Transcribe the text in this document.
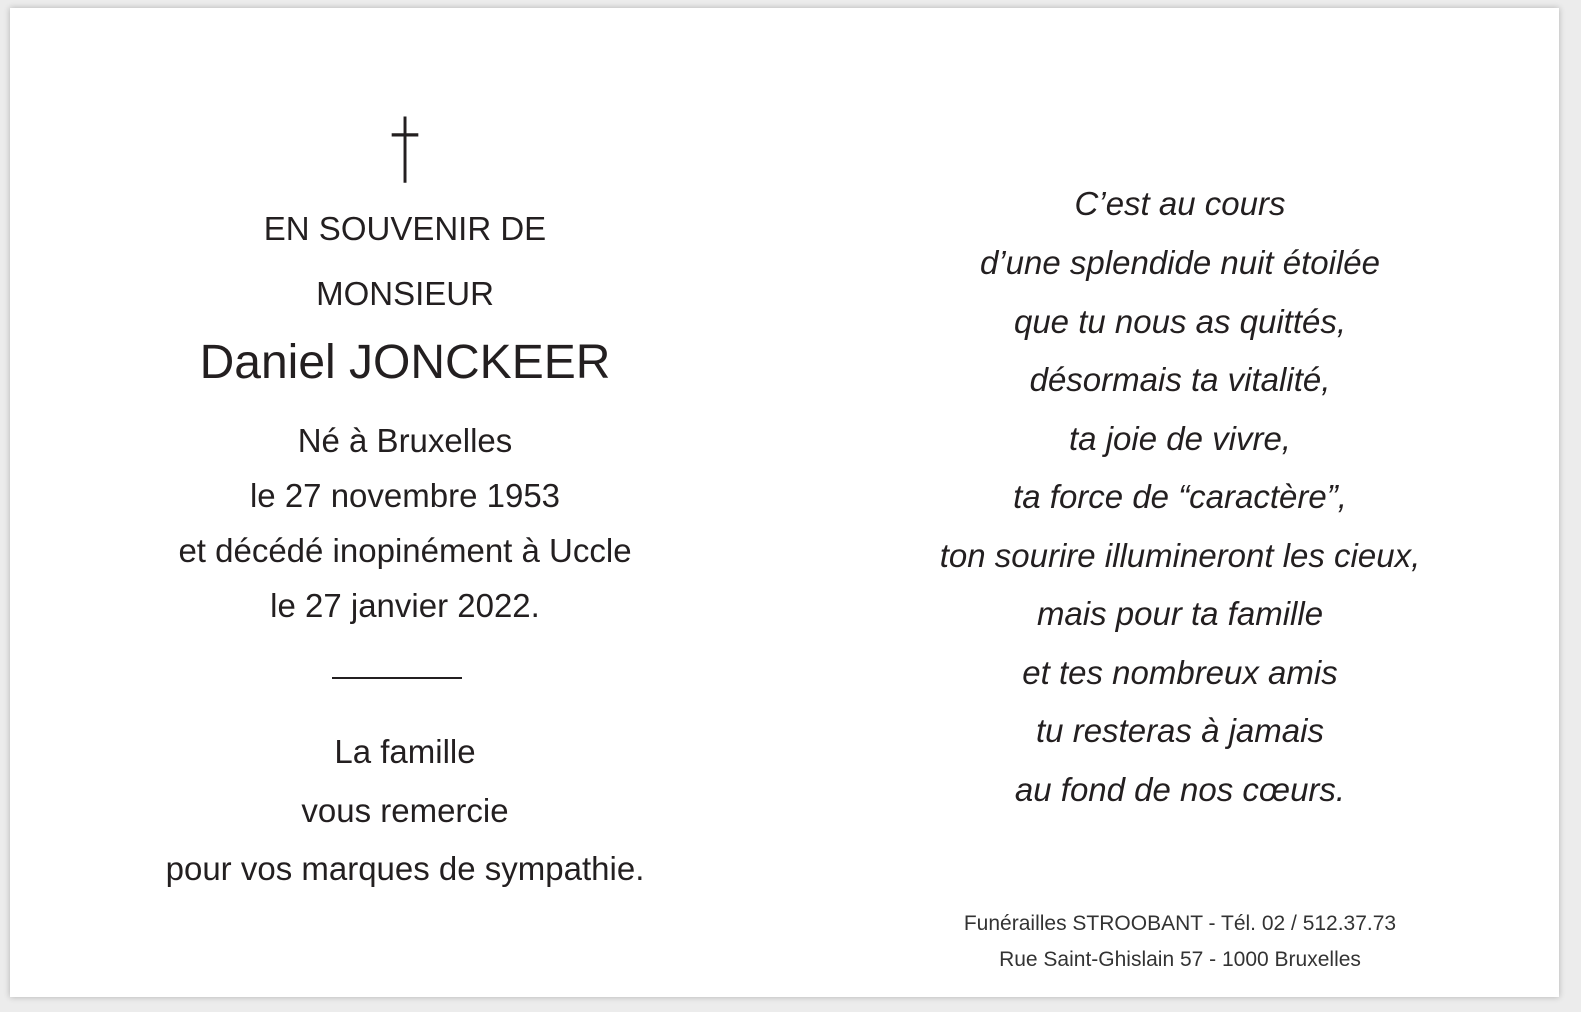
†
EN SOUVENIR DE
MONSIEUR
Daniel JONCKEER
Né à Bruxelles
le 27 novembre 1953
et décédé inopinément à Uccle
le 27 janvier 2022.
La famille
vous remercie
pour vos marques de sympathie.
C’est au cours
d’une splendide nuit étoilée
que tu nous as quittés,
désormais ta vitalité,
ta joie de vivre,
ta force de “caractère”,
ton sourire illumineront les cieux,
mais pour ta famille
et tes nombreux amis
tu resteras à jamais
au fond de nos cœurs.
Funérailles STROOBANT - Tél. 02 / 512.37.73
Rue Saint-Ghislain 57 - 1000 Bruxelles
